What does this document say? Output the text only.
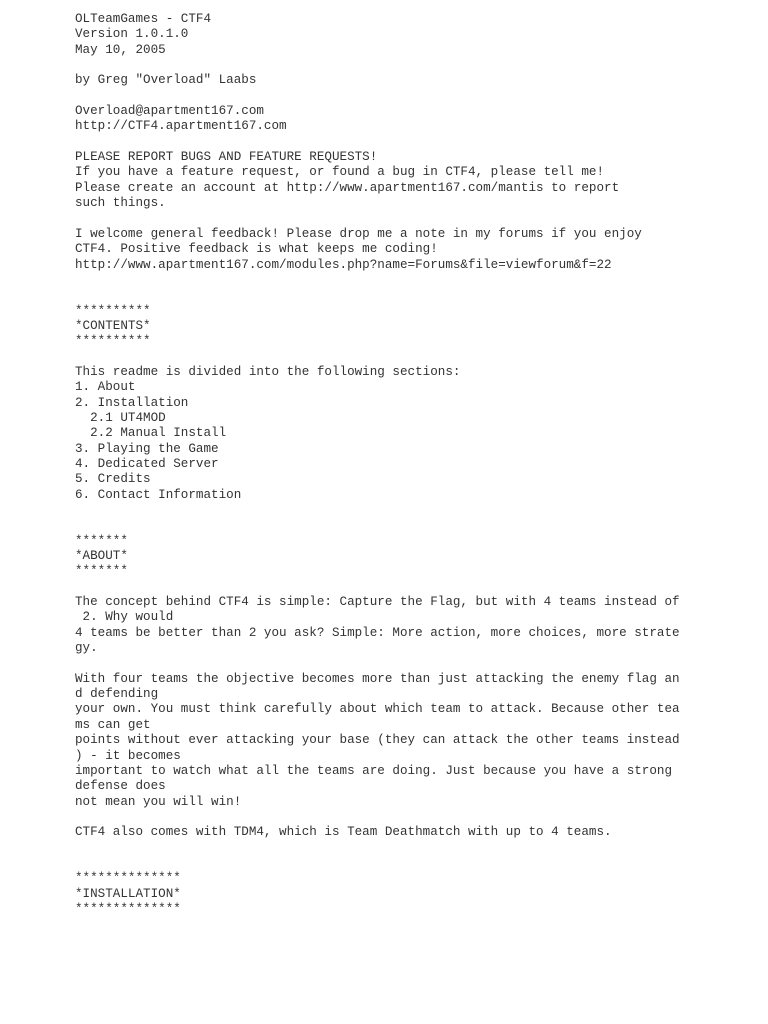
OLTeamGames - CTF4
Version 1.0.1.0
May 10, 2005
by Greg "Overload" Laabs
Overload@apartment167.com
http://CTF4.apartment167.com
PLEASE REPORT BUGS AND FEATURE REQUESTS!
If you have a feature request, or found a bug in CTF4, please tell me!
Please create an account at http://www.apartment167.com/mantis to report
such things.
I welcome general feedback! Please drop me a note in my forums if you enjoy
CTF4. Positive feedback is what keeps me coding!
http://www.apartment167.com/modules.php?name=Forums&file=viewforum&f=22
**********
*CONTENTS*
**********
This readme is divided into the following sections:
1. About
2. Installation
2.1 UT4MOD
2.2 Manual Install
3. Playing the Game
4. Dedicated Server
5. Credits
6. Contact Information
*******
*ABOUT*
*******
The concept behind CTF4 is simple: Capture the Flag, but with 4 teams instead of
2. Why would
4 teams be better than 2 you ask? Simple: More action, more choices, more strate
gy.
With four teams the objective becomes more than just attacking the enemy flag an
d defending
your own. You must think carefully about which team to attack. Because other tea
ms can get
points without ever attacking your base (they can attack the other teams instead
) - it becomes
important to watch what all the teams are doing. Just because you have a strong
defense does
not mean you will win!
CTF4 also comes with TDM4, which is Team Deathmatch with up to 4 teams.
**************
*INSTALLATION*
**************
